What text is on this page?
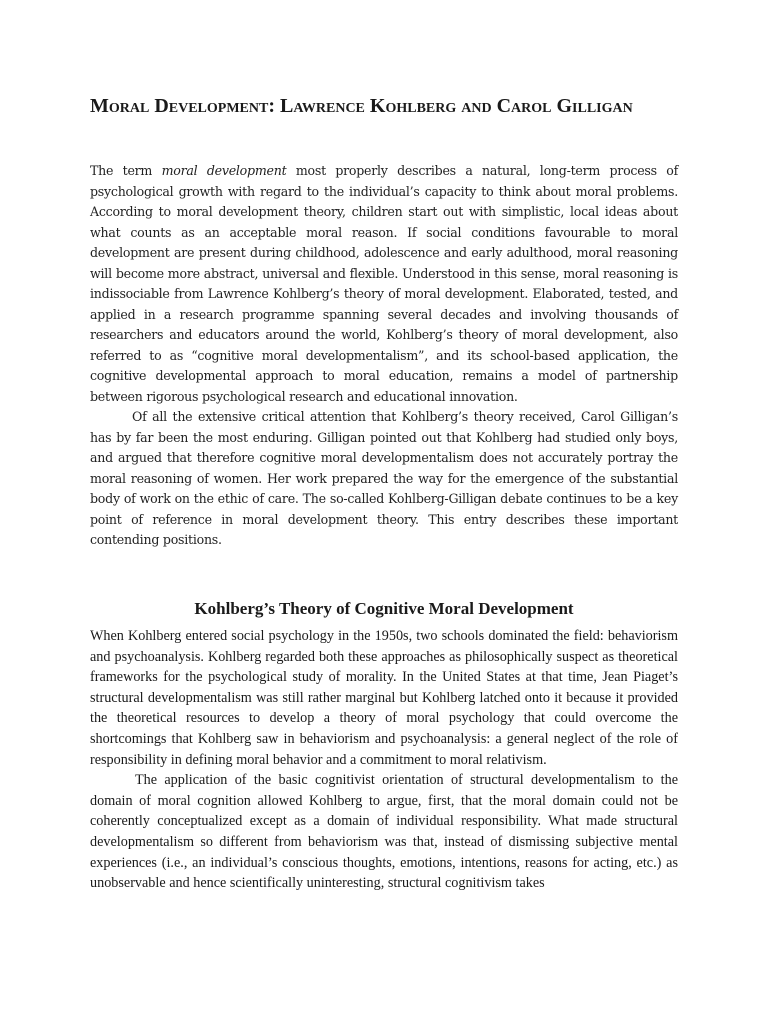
Moral Development: Lawrence Kohlberg and Carol Gilligan

The term moral development most properly describes a natural, long-term process of psychological growth with regard to the individual’s capacity to think about moral problems. According to moral development theory, children start out with simplistic, local ideas about what counts as an acceptable moral reason. If social conditions favourable to moral development are present during childhood, adolescence and early adulthood, moral reasoning will become more abstract, universal and flexible. Understood in this sense, moral reasoning is indissociable from Lawrence Kohlberg’s theory of moral development. Elaborated, tested, and applied in a research programme spanning several decades and involving thousands of researchers and educators around the world, Kohlberg’s theory of moral development, also referred to as “cognitive moral developmentalism”, and its school-based application, the cognitive developmental approach to moral education, remains a model of partnership between rigorous psychological research and educational innovation.

Of all the extensive critical attention that Kohlberg’s theory received, Carol Gilligan’s has by far been the most enduring. Gilligan pointed out that Kohlberg had studied only boys, and argued that therefore cognitive moral developmentalism does not accurately portray the moral reasoning of women. Her work prepared the way for the emergence of the substantial body of work on the ethic of care. The so-called Kohlberg-Gilligan debate continues to be a key point of reference in moral development theory. This entry describes these important contending positions.

Kohlberg’s Theory of Cognitive Moral Development

When Kohlberg entered social psychology in the 1950s, two schools dominated the field: behaviorism and psychoanalysis. Kohlberg regarded both these approaches as philosophically suspect as theoretical frameworks for the psychological study of morality. In the United States at that time, Jean Piaget’s structural developmentalism was still rather marginal but Kohlberg latched onto it because it provided the theoretical resources to develop a theory of moral psychology that could overcome the shortcomings that Kohlberg saw in behaviorism and psychoanalysis: a general neglect of the role of responsibility in defining moral behavior and a commitment to moral relativism.

The application of the basic cognitivist orientation of structural developmentalism to the domain of moral cognition allowed Kohlberg to argue, first, that the moral domain could not be coherently conceptualized except as a domain of individual responsibility. What made structural developmentalism so different from behaviorism was that, instead of dismissing subjective mental experiences (i.e., an individual’s conscious thoughts, emotions, intentions, reasons for acting, etc.) as unobservable and hence scientifically uninteresting, structural cognitivism takes
